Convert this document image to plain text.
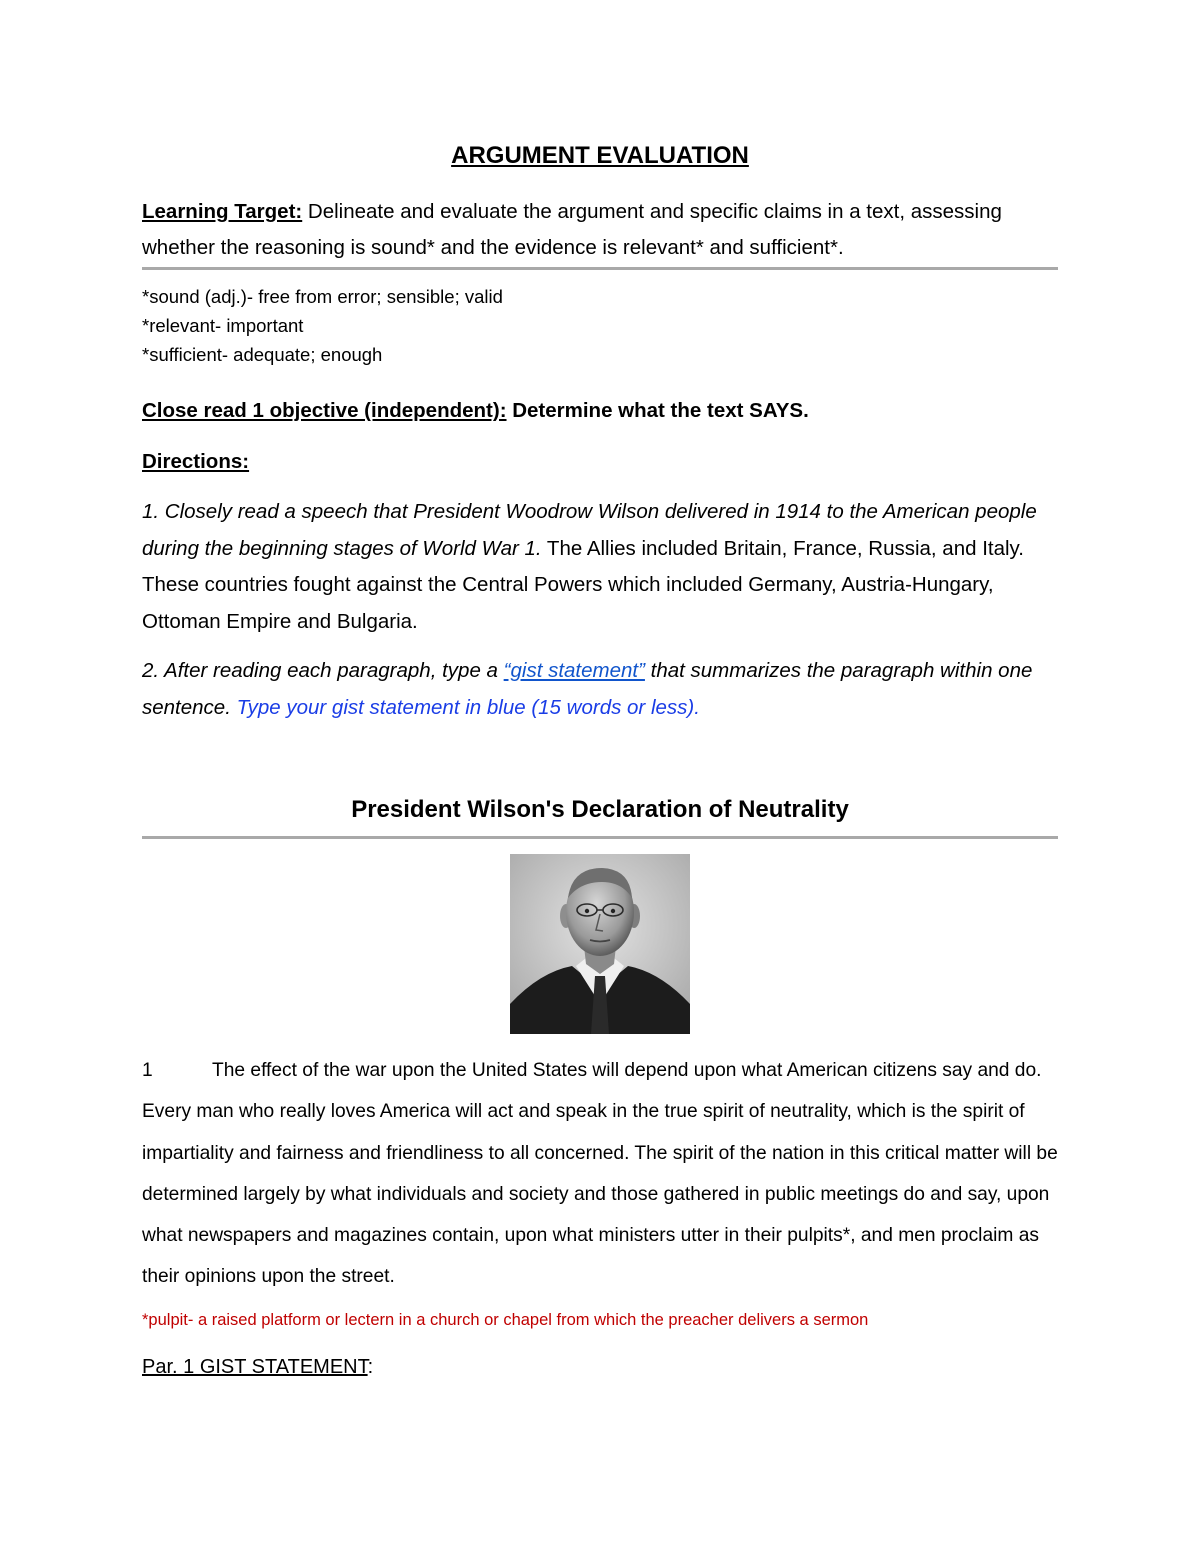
ARGUMENT EVALUATION
Learning Target: Delineate and evaluate the argument and specific claims in a text, assessing whether the reasoning is sound* and the evidence is relevant* and sufficient*.
*sound (adj.)- free from error; sensible; valid
*relevant- important
*sufficient- adequate; enough
Close read 1 objective (independent): Determine what the text SAYS.
Directions:
1. Closely read a speech that President Woodrow Wilson delivered in 1914 to the American people during the beginning stages of World War 1. The Allies included Britain, France, Russia, and Italy. These countries fought against the Central Powers which included Germany, Austria-Hungary, Ottoman Empire and Bulgaria.
2. After reading each paragraph, type a “gist statement” that summarizes the paragraph within one sentence. Type your gist statement in blue (15 words or less).
President Wilson's Declaration of Neutrality
1	The effect of the war upon the United States will depend upon what American citizens say and do. Every man who really loves America will act and speak in the true spirit of neutrality, which is the spirit of impartiality and fairness and friendliness to all concerned. The spirit of the nation in this critical matter will be determined largely by what individuals and society and those gathered in public meetings do and say, upon what newspapers and magazines contain, upon what ministers utter in their pulpits*, and men proclaim as their opinions upon the street.
*pulpit- a raised platform or lectern in a church or chapel from which the preacher delivers a sermon
Par. 1 GIST STATEMENT:
